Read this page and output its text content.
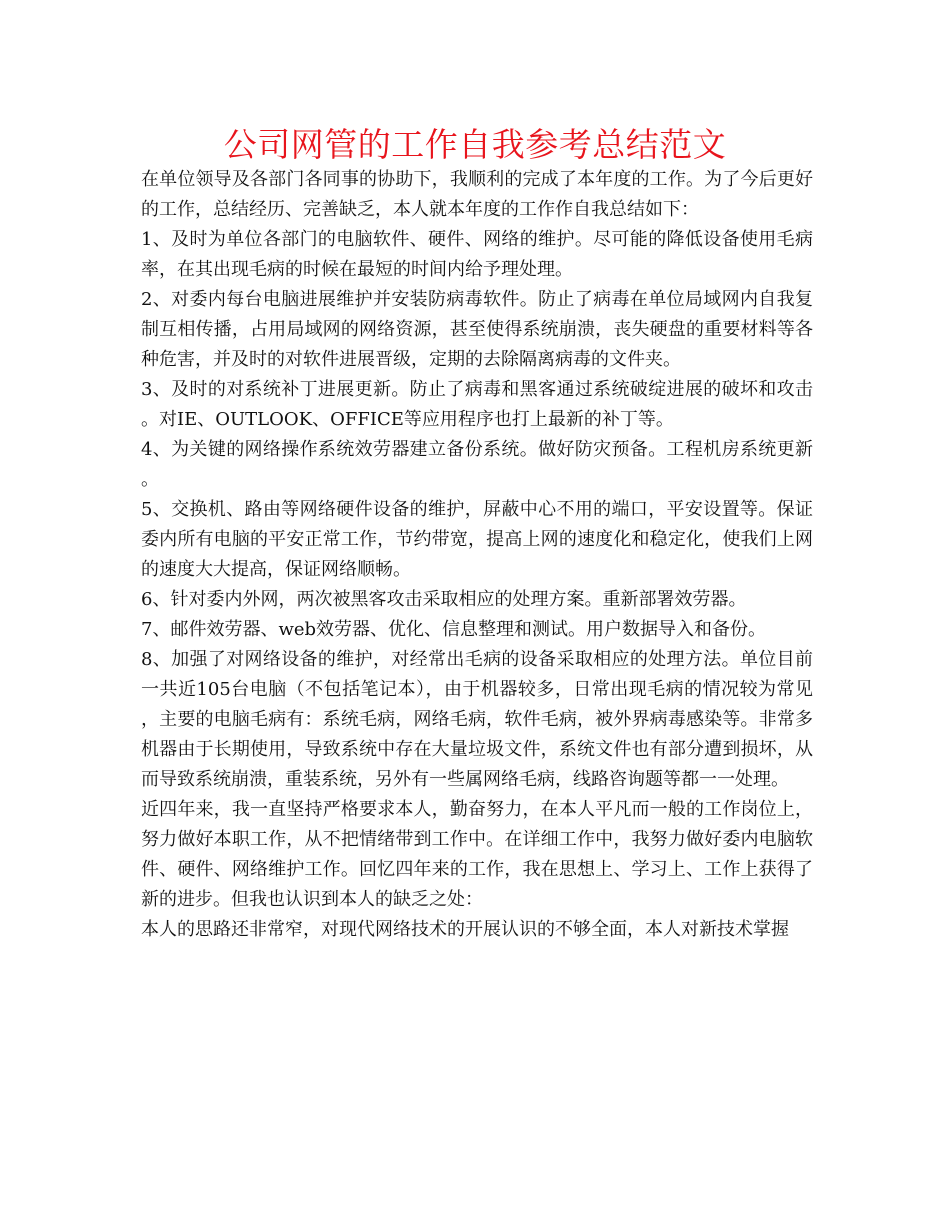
公司网管的工作自我参考总结范文

在单位领导及各部门各同事的协助下，我顺利的完成了本年度的工作。为了今后更好的工作，总结经历、完善缺乏，本人就本年度的工作作自我总结如下：

1、及时为单位各部门的电脑软件、硬件、网络的维护。尽可能的降低设备使用毛病率，在其出现毛病的时候在最短的时间内给予理处理。

2、对委内每台电脑进展维护并安装防病毒软件。防止了病毒在单位局域网内自我复制互相传播，占用局域网的网络资源，甚至使得系统崩溃，丧失硬盘的重要材料等各种危害，并及时的对软件进展晋级，定期的去除隔离病毒的文件夹。

3、及时的对系统补丁进展更新。防止了病毒和黑客通过系统破绽进展的破坏和攻击。对IE、OUTLOOK、OFFICE等应用程序也打上最新的补丁等。

4、为关键的网络操作系统效劳器建立备份系统。做好防灾预备。工程机房系统更新。

5、交换机、路由等网络硬件设备的维护，屏蔽中心不用的端口，平安设置等。保证委内所有电脑的平安正常工作，节约带宽，提高上网的速度化和稳定化，使我们上网的速度大大提高，保证网络顺畅。

6、针对委内外网，两次被黑客攻击采取相应的处理方案。重新部署效劳器。

7、邮件效劳器、web效劳器、优化、信息整理和测试。用户数据导入和备份。

8、加强了对网络设备的维护，对经常出毛病的设备采取相应的处理方法。单位目前一共近105台电脑（不包括笔记本），由于机器较多，日常出现毛病的情况较为常见，主要的电脑毛病有：系统毛病，网络毛病，软件毛病，被外界病毒感染等。非常多机器由于长期使用，导致系统中存在大量垃圾文件，系统文件也有部分遭到损坏，从而导致系统崩溃，重装系统，另外有一些属网络毛病，线路咨询题等都一一处理。

近四年来，我一直坚持严格要求本人，勤奋努力，在本人平凡而一般的工作岗位上，努力做好本职工作，从不把情绪带到工作中。在详细工作中，我努力做好委内电脑软件、硬件、网络维护工作。回忆四年来的工作，我在思想上、学习上、工作上获得了新的进步。但我也认识到本人的缺乏之处：

本人的思路还非常窄，对现代网络技术的开展认识的不够全面，本人对新技术掌握
